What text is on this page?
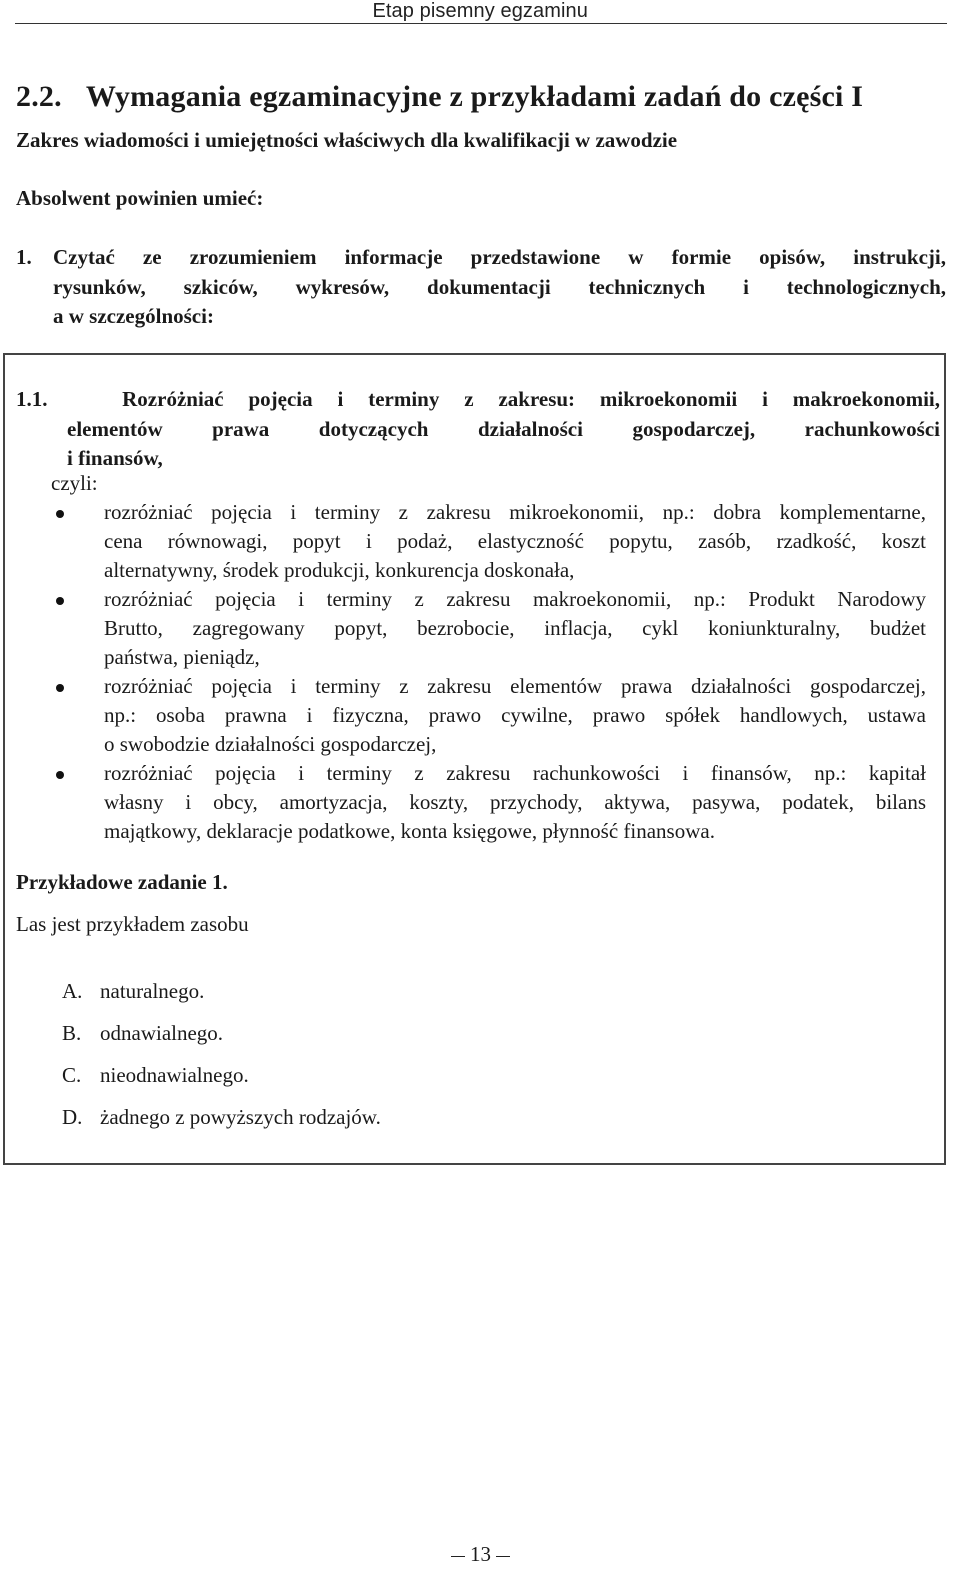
Etap pisemny egzaminu
2.2. Wymagania egzaminacyjne z przykładami zadań do części I
Zakres wiadomości i umiejętności właściwych dla kwalifikacji w zawodzie
Absolwent powinien umieć:

1. Czytać ze zrozumieniem informacje przedstawione w formie opisów, instrukcji,

rysunków, szkiców, wykresów, dokumentacji technicznych i technologicznych,

a w szczególności:

1.1.	Rozróżniać pojęcia i terminy z zakresu: mikroekonomii i makroekonomii,
elementów prawa dotyczących działalności gospodarczej, rachunkowości
i finansów,
czyli:
rozróżniać pojęcia i terminy z zakresu mikroekonomii, np.: dobra komplementarne,
cena równowagi, popyt i podaż, elastyczność popytu, zasób, rzadkość, koszt
alternatywny, środek produkcji, konkurencja doskonała,
rozróżniać pojęcia i terminy z zakresu makroekonomii, np.: Produkt Narodowy
Brutto, zagregowany popyt, bezrobocie, inflacja, cykl koniunkturalny, budżet
państwa, pieniądz,
rozróżniać pojęcia i terminy z zakresu elementów prawa działalności gospodarczej,
np.: osoba prawna i fizyczna, prawo cywilne, prawo spółek handlowych, ustawa
o swobodzie działalności gospodarczej,
rozróżniać pojęcia i terminy z zakresu rachunkowości i finansów, np.: kapitał
własny i obcy, amortyzacja, koszty, przychody, aktywa, pasywa, podatek, bilans
majątkowy, deklaracje podatkowe, konta księgowe, płynność finansowa.
Przykładowe zadanie 1.
Las jest przykładem zasobu
A. naturalnego.
B. odnawialnego.
C. nieodnawialnego.
D. żadnego z powyższych rodzajów.
13
